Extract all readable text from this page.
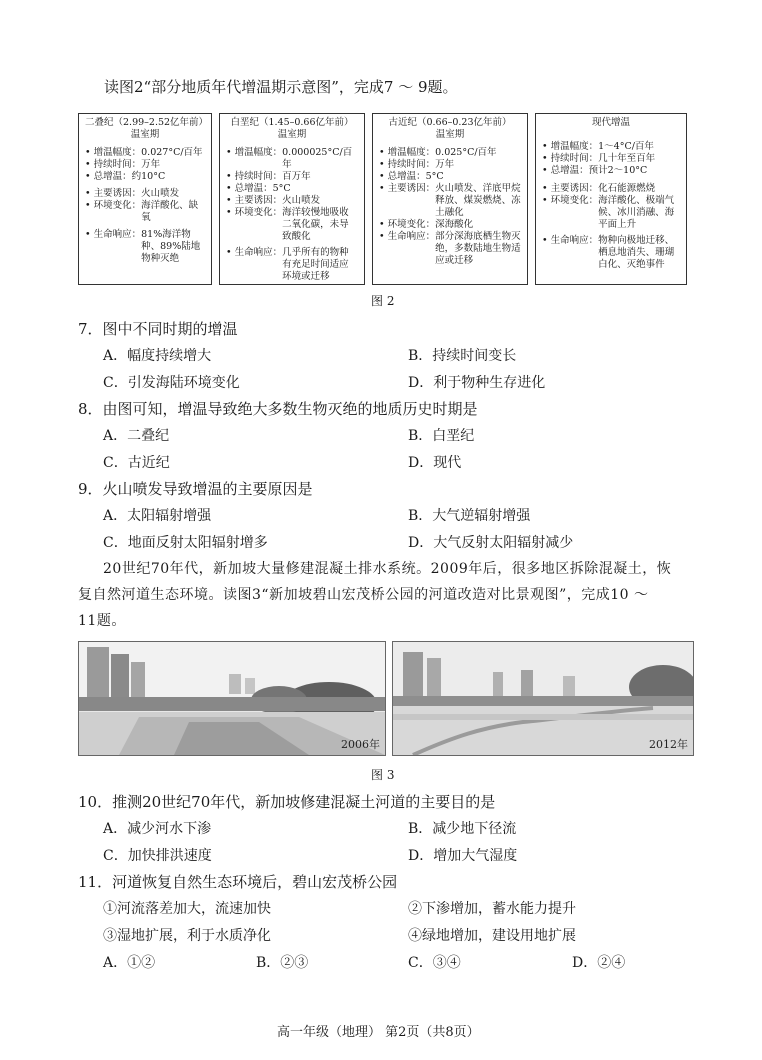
读图2“部分地质年代增温期示意图”，完成7 ～ 9题。
二叠纪（2.99–2.52亿年前）
温室期
• 增温幅度： 0.027°C/百年
• 持续时间： 万年
• 总增温： 约10°C
• 主要诱因： 火山喷发
• 环境变化： 海洋酸化、缺氧
• 生命响应： 81%海洋物种、89%陆地物种灭绝
白垩纪（1.45–0.66亿年前）
温室期
• 增温幅度： 0.000025°C/百年
• 持续时间： 百万年
• 总增温： 5°C
• 主要诱因： 火山喷发
• 环境变化： 海洋较慢地吸收二氧化碳，未导致酸化
• 生命响应： 几乎所有的物种有充足时间适应环境或迁移
古近纪（0.66–0.23亿年前）
温室期
• 增温幅度： 0.025°C/百年
• 持续时间： 万年
• 总增温： 5°C
• 主要诱因： 火山喷发、洋底甲烷释放、煤炭燃烧、冻土融化
• 环境变化： 深海酸化
• 生命响应： 部分深海底栖生物灭绝，多数陆地生物适应或迁移
现代增温
• 增温幅度： 1～4°C/百年
• 持续时间： 几十年至百年
• 总增温： 预计2～10°C
• 主要诱因： 化石能源燃烧
• 环境变化： 海洋酸化、极端气候、冰川消融、海平面上升
• 生命响应： 物种向极地迁移、栖息地消失、珊瑚白化、灭绝事件
图 2
7．图中不同时期的增温
A．幅度持续增大	B．持续时间变长
C．引发海陆环境变化	D．利于物种生存进化
8．由图可知，增温导致绝大多数生物灭绝的地质历史时期是
A．二叠纪	B．白垩纪
C．古近纪	D．现代
9．火山喷发导致增温的主要原因是
A．太阳辐射增强	B．大气逆辐射增强
C．地面反射太阳辐射增多	D．大气反射太阳辐射减少
20世纪70年代，新加坡大量修建混凝土排水系统。2009年后，很多地区拆除混凝土，恢
复自然河道生态环境。读图3“新加坡碧山宏茂桥公园的河道改造对比景观图”，完成10 ～
11题。
2006年	2012年
图 3
10．推测20世纪70年代，新加坡修建混凝土河道的主要目的是
A．减少河水下渗	B．减少地下径流
C．加快排洪速度	D．增加大气湿度
11．河道恢复自然生态环境后，碧山宏茂桥公园
①河流落差加大，流速加快	②下渗增加，蓄水能力提升
③湿地扩展，利于水质净化	④绿地增加，建设用地扩展
A．①②	B．②③	C．③④	D．②④
高一年级（地理） 第2页（共8页）
